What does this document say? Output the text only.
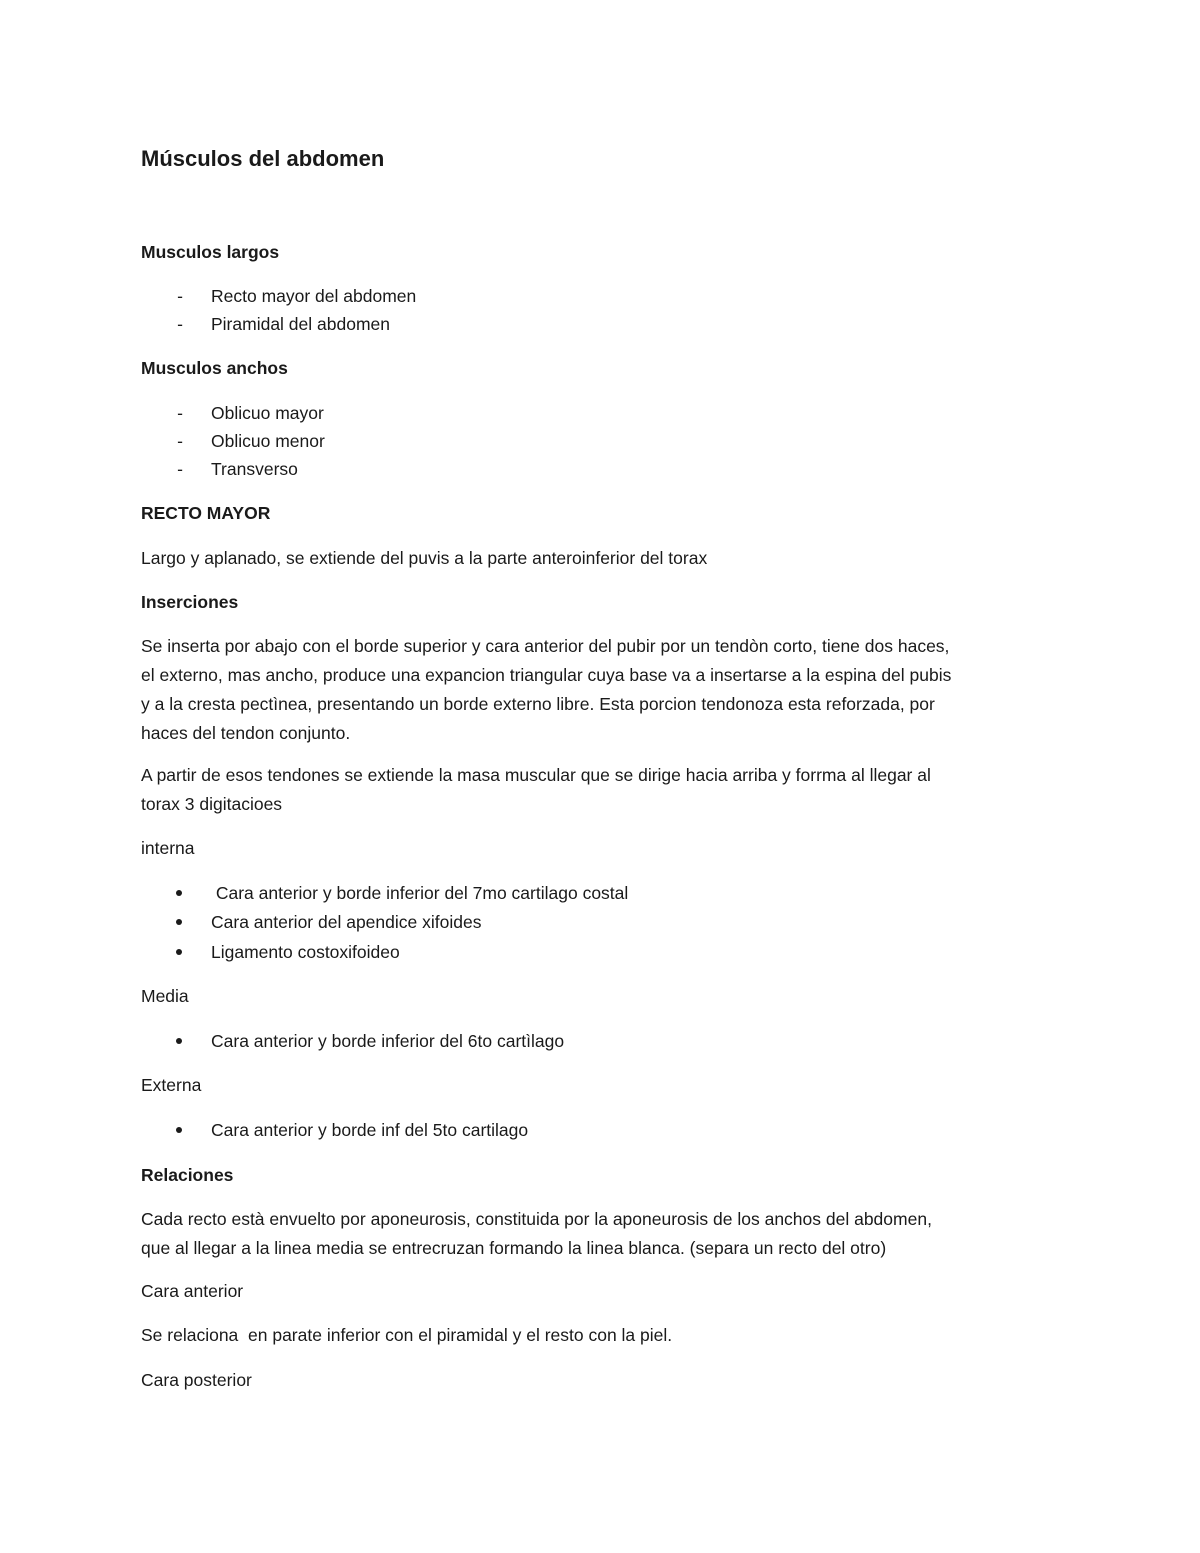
Músculos del abdomen
Musculos largos
- Recto mayor del abdomen
- Piramidal del abdomen
Musculos anchos
- Oblicuo mayor
- Oblicuo menor
- Transverso
RECTO MAYOR
Largo y aplanado, se extiende del puvis a la parte anteroinferior del torax
Inserciones
Se inserta por abajo con el borde superior y cara anterior del pubir por un tendòn corto, tiene dos haces,
el externo, mas ancho, produce una expancion triangular cuya base va a insertarse a la espina del pubis
y a la cresta pectìnea, presentando un borde externo libre. Esta porcion tendonoza esta reforzada, por
haces del tendon conjunto.
A partir de esos tendones se extiende la masa muscular que se dirige hacia arriba y forrma al llegar al
torax 3 digitacioes
interna
Cara anterior y borde inferior del 7mo cartilago costal
Cara anterior del apendice xifoides
Ligamento costoxifoideo
Media
Cara anterior y borde inferior del 6to cartìlago
Externa
Cara anterior y borde inf del 5to cartilago
Relaciones
Cada recto està envuelto por aponeurosis, constituida por la aponeurosis de los anchos del abdomen,
que al llegar a la linea media se entrecruzan formando la linea blanca. (separa un recto del otro)
Cara anterior
Se relaciona  en parate inferior con el piramidal y el resto con la piel.
Cara posterior
